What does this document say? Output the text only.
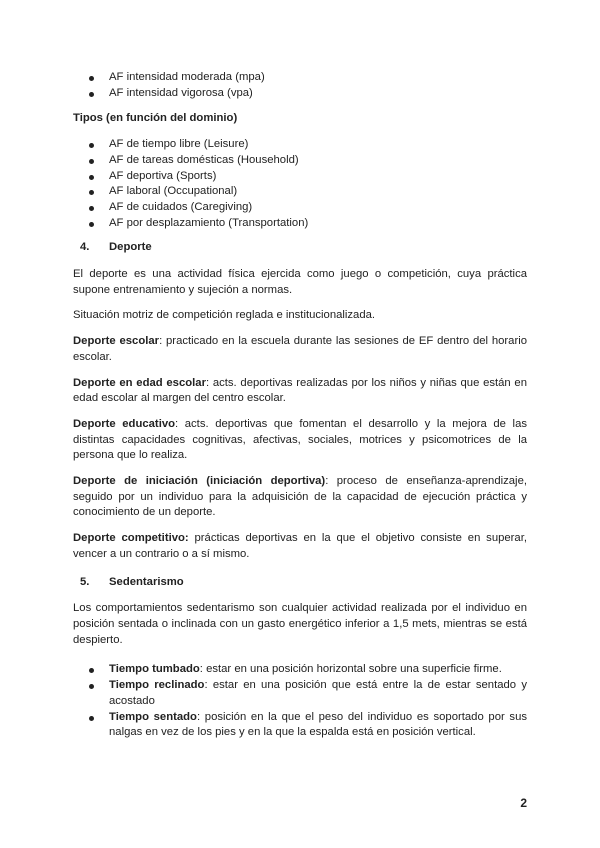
AF intensidad moderada (mpa)
AF intensidad vigorosa (vpa)
Tipos (en función del dominio)
AF de tiempo libre (Leisure)
AF de tareas domésticas (Household)
AF deportiva (Sports)
AF laboral (Occupational)
AF de cuidados (Caregiving)
AF por desplazamiento (Transportation)
4.	Deporte

El deporte es una actividad física ejercida como juego o competición, cuya práctica supone entrenamiento y sujeción a normas.

Situación motriz de competición reglada e institucionalizada.

Deporte escolar: practicado en la escuela durante las sesiones de EF dentro del horario escolar.

Deporte en edad escolar: acts. deportivas realizadas por los niños y niñas que están en edad escolar al margen del centro escolar.

Deporte educativo: acts. deportivas que fomentan el desarrollo y la mejora de las distintas capacidades cognitivas, afectivas, sociales, motrices y psicomotrices de la persona que lo realiza.

Deporte de iniciación (iniciación deportiva): proceso de enseñanza-aprendizaje, seguido por un individuo para la adquisición de la capacidad de ejecución práctica y conocimiento de un deporte.

Deporte competitivo: prácticas deportivas en la que el objetivo consiste en superar, vencer a un contrario o a sí mismo.

5.	Sedentarismo

Los comportamientos sedentarismo son cualquier actividad realizada por el individuo en posición sentada o inclinada con un gasto energético inferior a 1,5 mets, mientras se está despierto.

Tiempo tumbado: estar en una posición horizontal sobre una superficie firme.
Tiempo reclinado: estar en una posición que está entre la de estar sentado y acostado
Tiempo sentado: posición en la que el peso del individuo es soportado por sus nalgas en vez de los pies y en la que la espalda está en posición vertical.
2
